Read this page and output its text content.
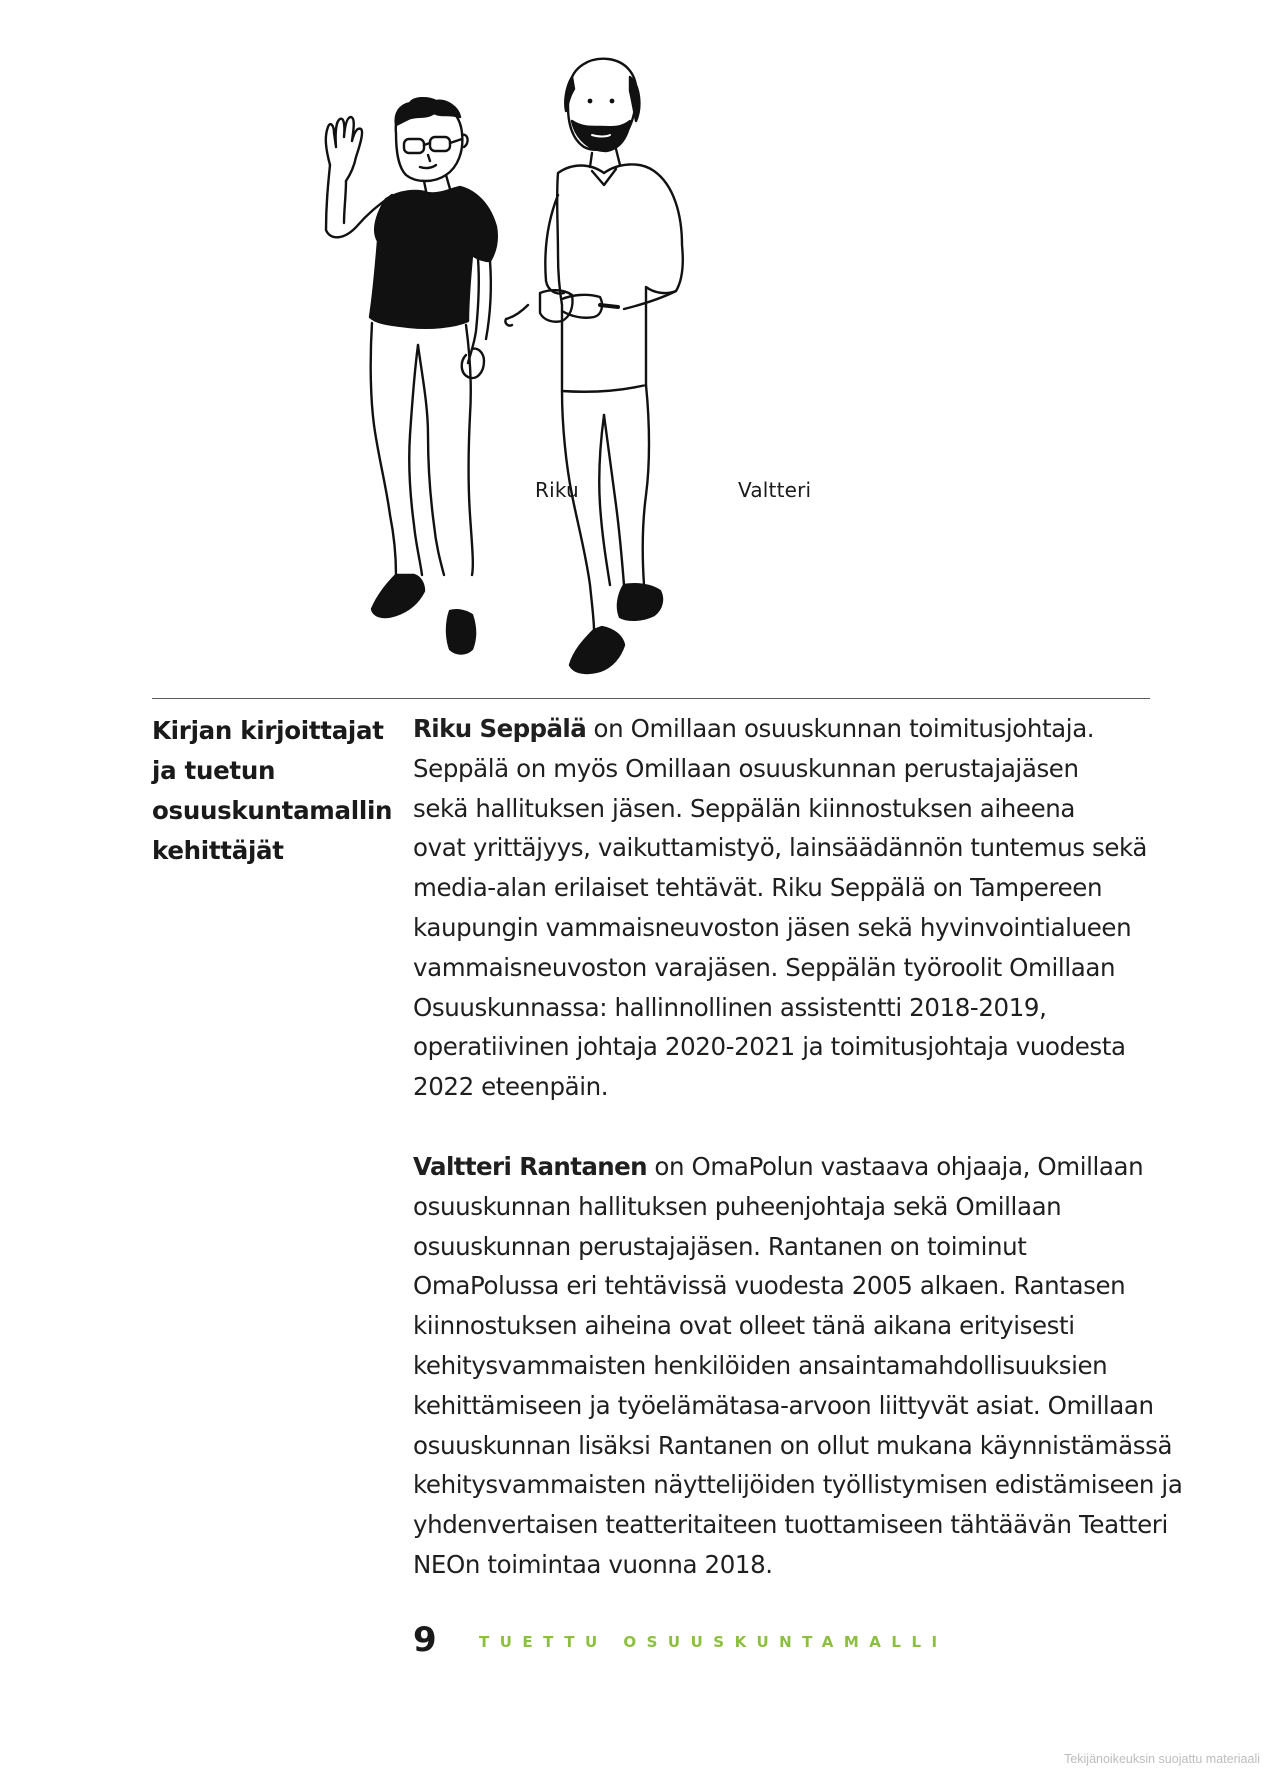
Riku	Valtteri
Kirjan kirjoittajat
ja tuetun
osuuskuntamallin
kehittäjät

Riku Seppälä on Omillaan osuuskunnan toimitusjohtaja.
Seppälä on myös Omillaan osuuskunnan perustajajäsen
sekä hallituksen jäsen. Seppälän kiinnostuksen aiheena
ovat yrittäjyys, vaikuttamistyö, lainsäädännön tuntemus sekä
media-alan erilaiset tehtävät. Riku Seppälä on Tampereen
kaupungin vammaisneuvoston jäsen sekä hyvinvointialueen
vammaisneuvoston varajäsen. Seppälän työroolit Omillaan
Osuuskunnassa: hallinnollinen assistentti 2018-2019,
operatiivinen johtaja 2020-2021 ja toimitusjohtaja vuodesta
2022 eteenpäin.

Valtteri Rantanen on OmaPolun vastaava ohjaaja, Omillaan
osuuskunnan hallituksen puheenjohtaja sekä Omillaan
osuuskunnan perustajajäsen. Rantanen on toiminut
OmaPolussa eri tehtävissä vuodesta 2005 alkaen. Rantasen
kiinnostuksen aiheina ovat olleet tänä aikana erityisesti
kehitysvammaisten henkilöiden ansaintamahdollisuuksien
kehittämiseen ja työelämätasa-arvoon liittyvät asiat. Omillaan
osuuskunnan lisäksi Rantanen on ollut mukana käynnistämässä
kehitysvammaisten näyttelijöiden työllistymisen edistämiseen ja
yhdenvertaisen teatteritaiteen tuottamiseen tähtäävän Teatteri
NEOn toimintaa vuonna 2018.

9	TUETTU OSUUSKUNTAMALLI
Tekijänoikeuksin suojattu materiaali
